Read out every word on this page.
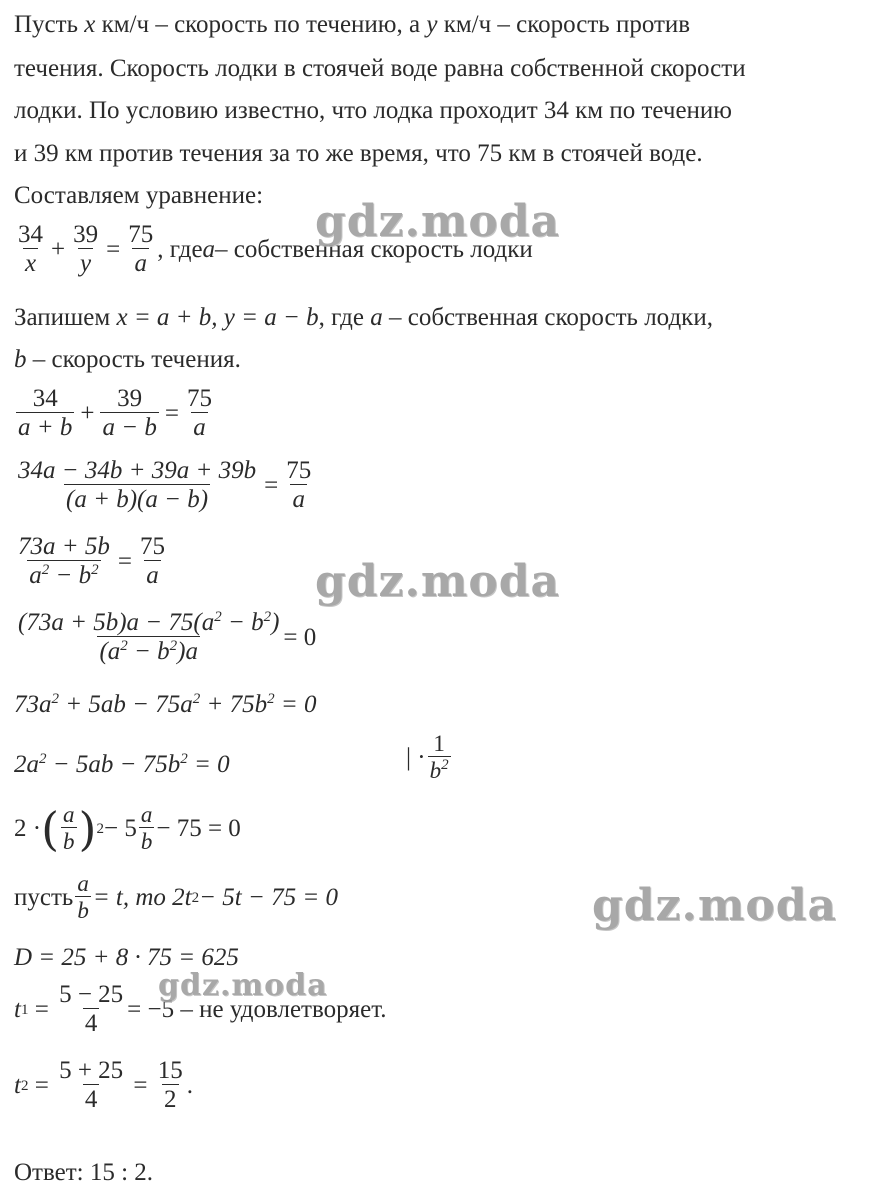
Пусть x км/ч – скорость по течению, а y км/ч – скорость против
течения. Скорость лодки в стоячей воде равна собственной скорости
лодки. По условию известно, что лодка проходит 34 км по течению
и 39 км против течения за то же время, что 75 км в стоячей воде.
Составляем уравнение:
$\frac{34}{x} + \frac{39}{y} = \frac{75}{a}$ , где a – собственная скорость лодки
Запишем x = a + b, y = a − b, где a – собственная скорость лодки,
b – скорость течения.
$\frac{34}{a + b} + \frac{39}{a - b} = \frac{75}{a}$
$\frac{34a - 34b + 39a + 39b}{(a + b)(a - b)} = \frac{75}{a}$
$\frac{73a + 5b}{a^2 - b^2} = \frac{75}{a}$
$\frac{(73a + 5b)a - 75(a^2 - b^2)}{(a^2 - b^2)a} = 0$
$73a^2 + 5ab - 75a^2 + 75b^2 = 0$
$2a^2 - 5ab - 75b^2 = 0$	| · $\frac{1}{b^2}$
2 · ( $\frac{a}{b}$ ) $2 - 5 \frac{a}{b} - 75 = 0$
пусть $\frac{a}{b} = t$, то 2t 2 − 5t − 75 = 0
D = 25 + 8 · 75 = 625
t $1 = \frac{5 - 25}{4} = -5$ – не удовлетворяет.
t $2 = \frac{5 + 25}{4} = \frac{15}{2}$ .
Ответ: 15 : 2.
gdz.moda
gdz.moda
gdz.moda
gdz.moda
